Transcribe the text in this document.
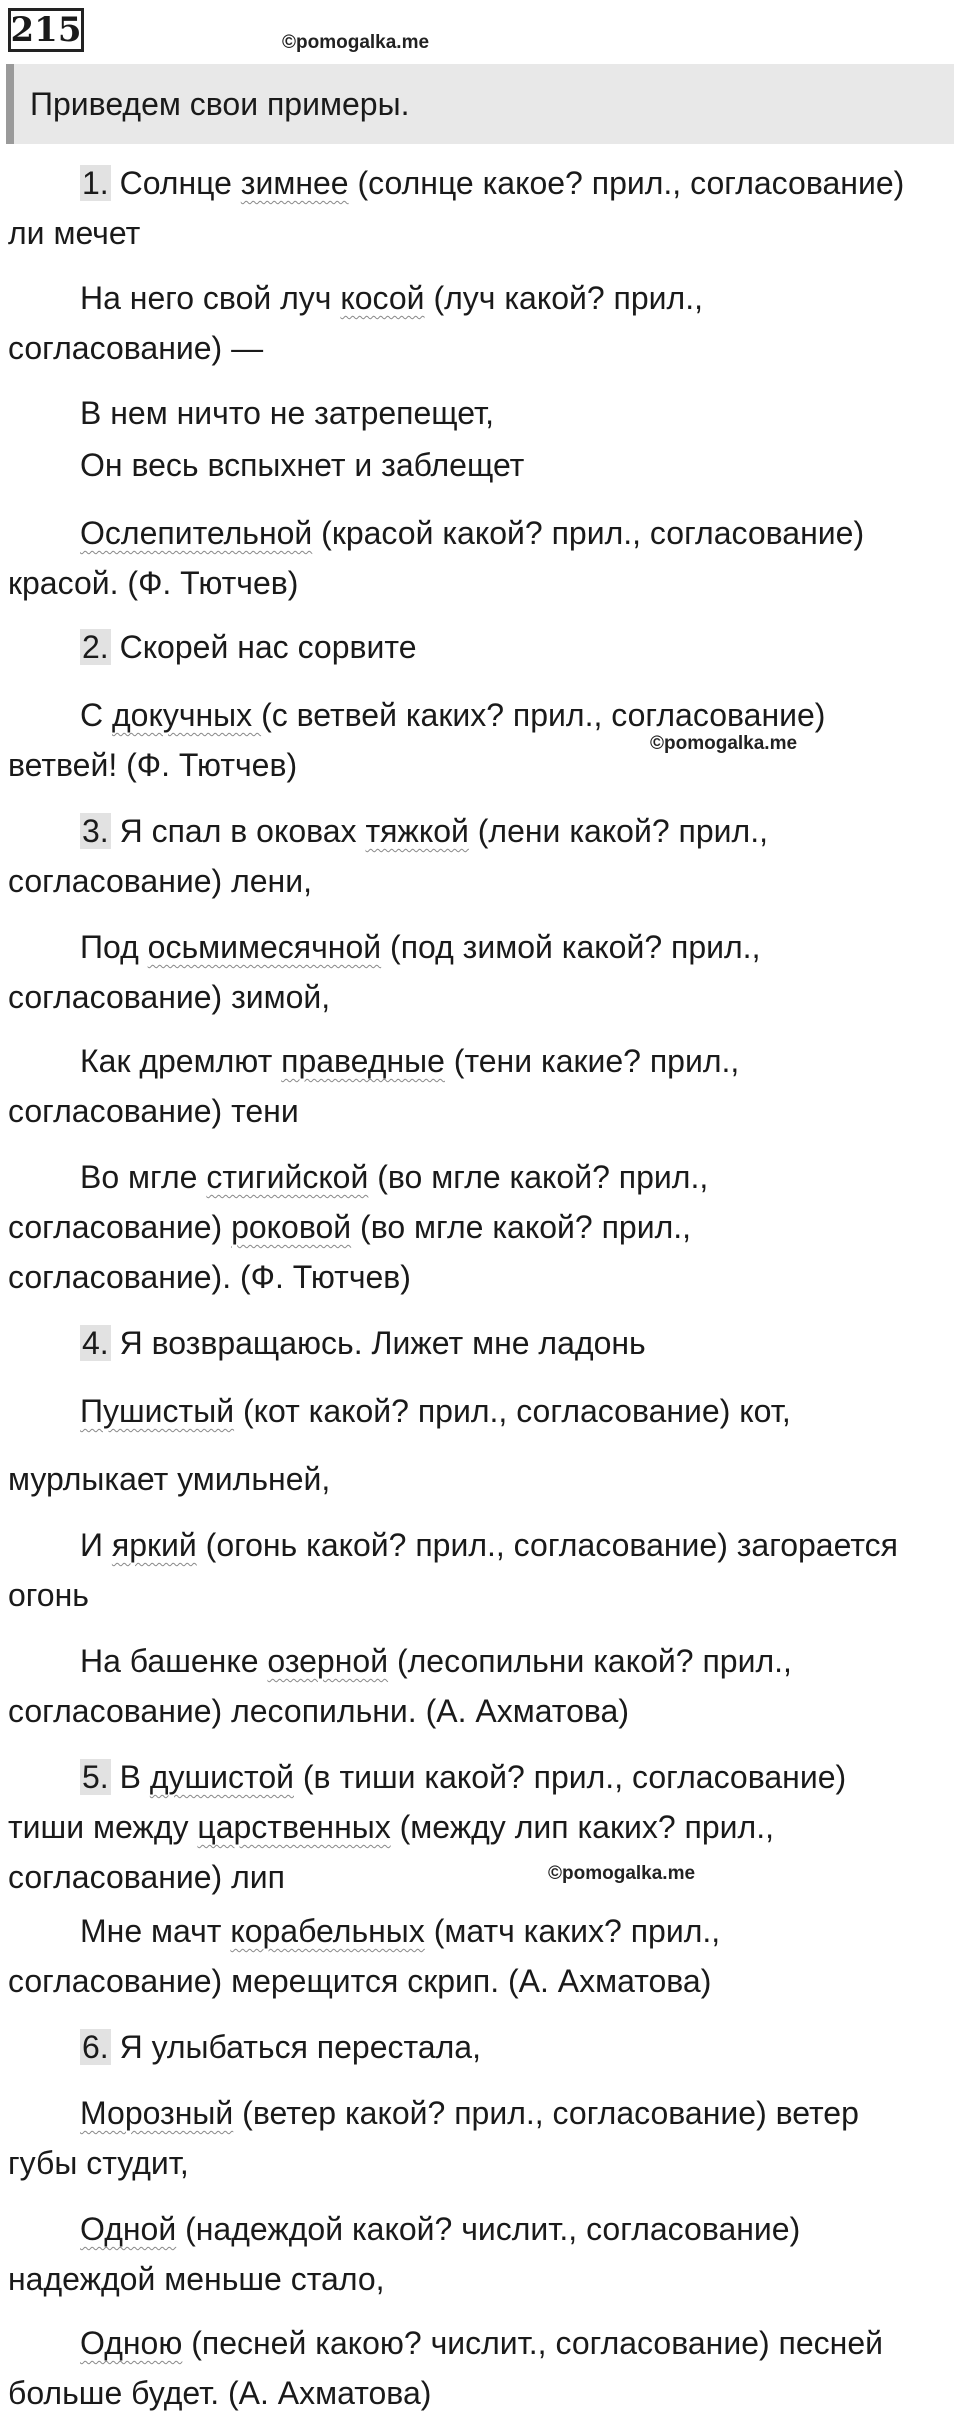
215	©pomogalka.me
©pomogalka.me
©pomogalka.me
Приведем свои примеры.
1. Солнце зимнее (солнце какое? прил., согласование)
ли мечет
На него свой луч косой (луч какой? прил.,
согласование) —
В нем ничто не затрепещет,
Он весь вспыхнет и заблещет
Ослепительной (красой какой? прил., согласование)
красой. (Ф. Тютчев)
2. Скорей нас сорвите
С докучных (с ветвей каких? прил., согласование)
ветвей! (Ф. Тютчев)
3. Я спал в оковах тяжкой (лени какой? прил.,
согласование) лени,
Под осьмимесячной (под зимой какой? прил.,
согласование) зимой,
Как дремлют праведные (тени какие? прил.,
согласование) тени
Во мгле стигийской (во мгле какой? прил.,
согласование) роковой (во мгле какой? прил.,
согласование). (Ф. Тютчев)
4. Я возвращаюсь. Лижет мне ладонь
Пушистый (кот какой? прил., согласование) кот,
мурлыкает умильней,
И яркий (огонь какой? прил., согласование) загорается
огонь
На башенке озерной (лесопильни какой? прил.,
согласование) лесопильни. (А. Ахматова)
5. В душистой (в тиши какой? прил., согласование)
тиши между царственных (между лип каких? прил.,
согласование) лип
Мне мачт корабельных (матч каких? прил.,
согласование) мерещится скрип. (А. Ахматова)
6. Я улыбаться перестала,
Морозный (ветер какой? прил., согласование) ветер
губы студит,
Одной (надеждой какой? числит., согласование)
надеждой меньше стало,
Одною (песней какою? числит., согласование) песней
больше будет. (А. Ахматова)
